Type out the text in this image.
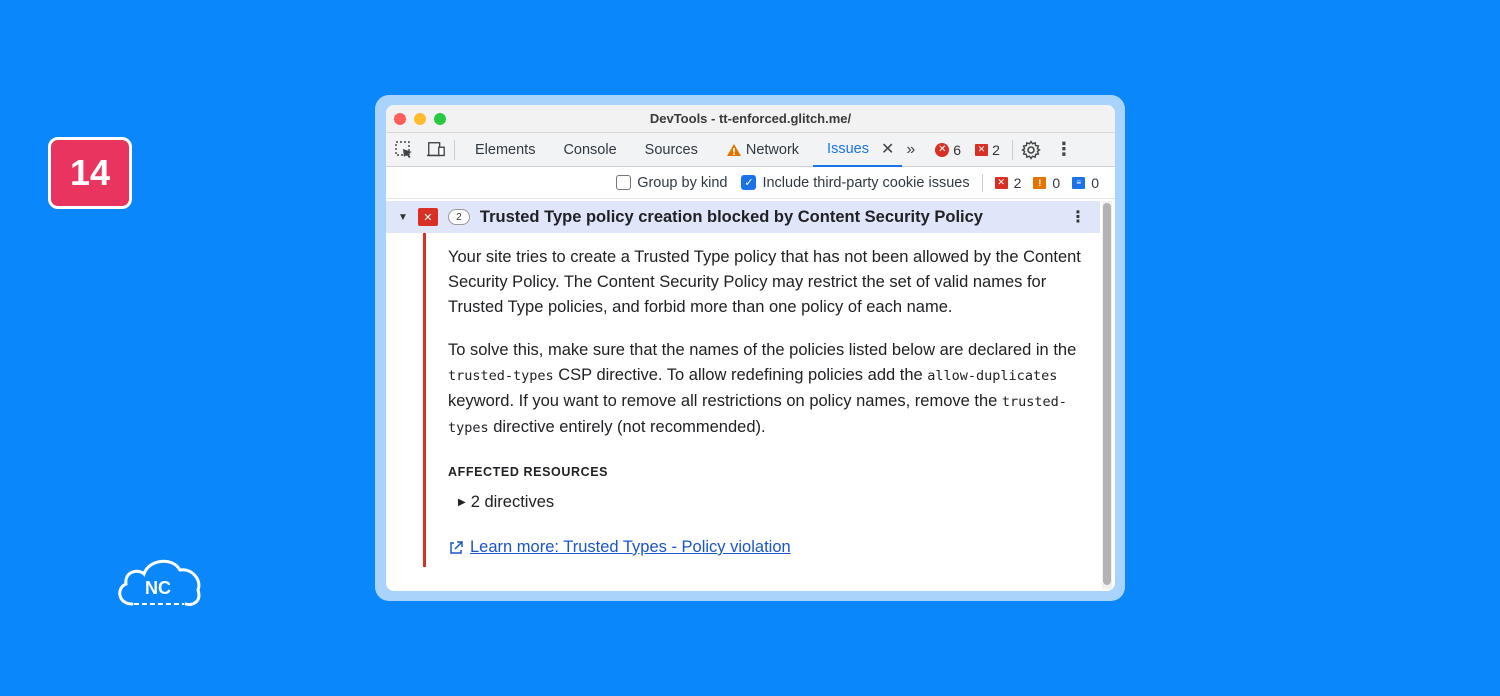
14
NC
DevTools - tt-enforced.glitch.me/
Elements Console Sources	Network Issues ✕ » ✕ 6	✕ 2	⋮
Group by kind ✓ Include third-party cookie issues	✕ 2	! 0	≡ 0
▼	✕	2	Trusted Type policy creation blocked by Content Security Policy	⋮

Your site tries to create a Trusted Type policy that has not been allowed by the Content Security Policy. The Content Security Policy may restrict the set of valid names for Trusted Type policies, and forbid more than one policy of each name.

To solve this, make sure that the names of the policies listed below are declared in the trusted-types CSP directive. To allow redefining policies add the allow-duplicates keyword. If you want to remove all restrictions on policy names, remove the trusted-types directive entirely (not recommended).

AFFECTED RESOURCES
▶ 2 directives
Learn more: Trusted Types - Policy violation
